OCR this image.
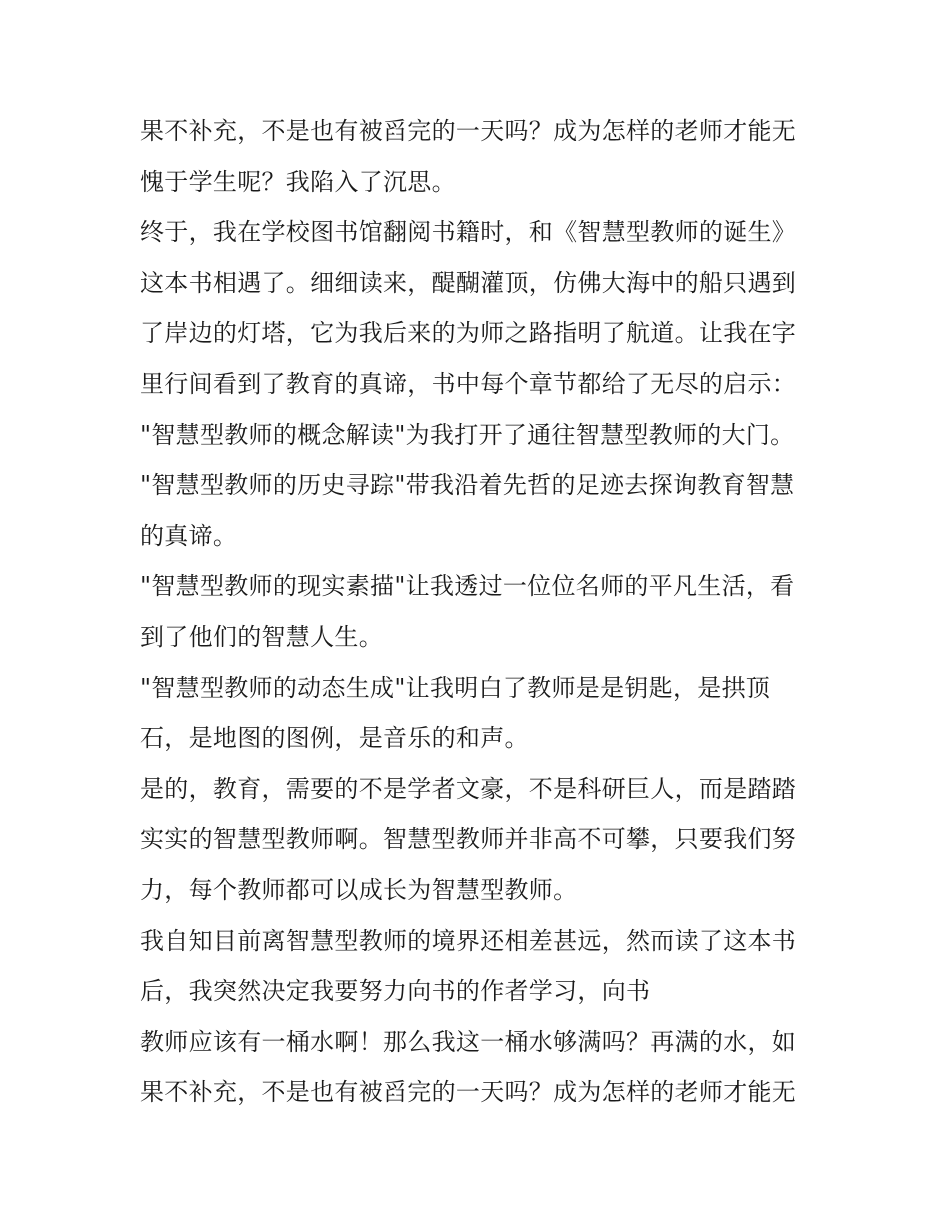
果不补充，不是也有被舀完的一天吗？成为怎样的老师才能无
愧于学生呢？我陷入了沉思。
终于，我在学校图书馆翻阅书籍时，和《智慧型教师的诞生》
这本书相遇了。细细读来，醍醐灌顶，仿佛大海中的船只遇到
了岸边的灯塔，它为我后来的为师之路指明了航道。让我在字
里行间看到了教育的真谛，书中每个章节都给了无尽的启示：
"智慧型教师的概念解读"为我打开了通往智慧型教师的大门。
"智慧型教师的历史寻踪"带我沿着先哲的足迹去探询教育智慧
的真谛。
"智慧型教师的现实素描"让我透过一位位名师的平凡生活，看
到了他们的智慧人生。
"智慧型教师的动态生成"让我明白了教师是是钥匙，是拱顶
石，是地图的图例，是音乐的和声。
是的，教育，需要的不是学者文豪，不是科研巨人，而是踏踏
实实的智慧型教师啊。智慧型教师并非高不可攀，只要我们努
力，每个教师都可以成长为智慧型教师。
我自知目前离智慧型教师的境界还相差甚远，然而读了这本书
后，我突然决定我要努力向书的作者学习，向书
教师应该有一桶水啊！那么我这一桶水够满吗？再满的水，如
果不补充，不是也有被舀完的一天吗？成为怎样的老师才能无
